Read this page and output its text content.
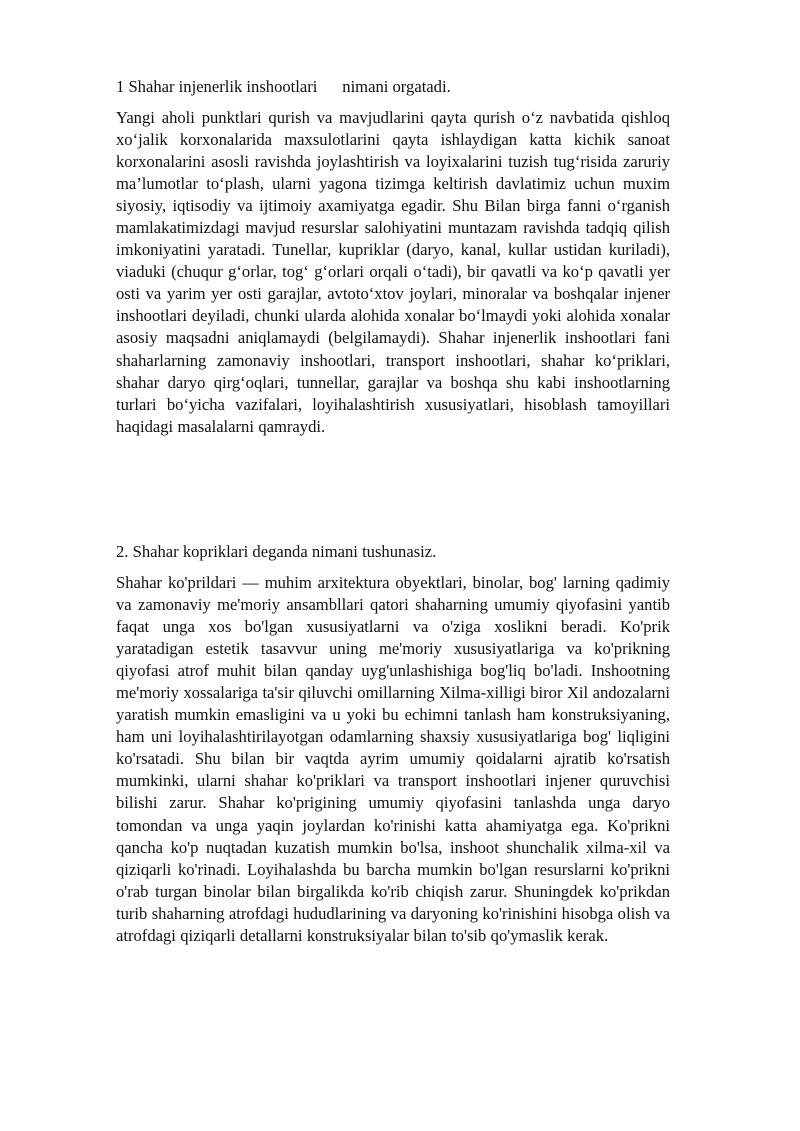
1 Shahar injenerlik inshootlari      nimani orgatadi.

Yangi aholi punktlari qurish va mavjudlarini qayta qurish o‘z navbatida qishloq xo‘jalik korxonalarida maxsulotlarini qayta ishlaydigan katta kichik sanoat korxonalarini asosli ravishda joylashtirish va loyixalarini tuzish tug‘risida zaruriy ma’lumotlar to‘plash, ularni yagona tizimga keltirish davlatimiz uchun muxim siyosiy, iqtisodiy va ijtimoiy axamiyatga egadir. Shu Bilan birga fanni o‘rganish mamlakatimizdagi mavjud resurslar salohiyatini muntazam ravishda tadqiq qilish imkoniyatini yaratadi. Tunellar, kupriklar (daryo, kanal, kullar ustidan kuriladi), viaduki (chuqur g‘orlar, tog‘ g‘orlari orqali o‘tadi), bir qavatli va ko‘p qavatli yer osti va yarim yer osti garajlar, avtoto‘xtov joylari, minoralar va boshqalar injener inshootlari deyiladi, chunki ularda alohida xonalar bo‘lmaydi yoki alohida xonalar asosiy maqsadni aniqlamaydi (belgilamaydi). Shahar injenerlik inshootlari fani shaharlarning zamonaviy inshootlari, transport inshootlari, shahar ko‘priklari, shahar daryo qirg‘oqlari, tunnellar, garajlar va boshqa shu kabi inshootlarning turlari bo‘yicha vazifalari, loyihalashtirish xususiyatlari, hisoblash tamoyillari haqidagi masalalarni qamraydi.

2. Shahar kopriklari deganda nimani tushunasiz.

Shahar ko'prildari — muhim arxitektura obyektlari, binolar, bog' larning qadimiy va zamonaviy me'moriy ansambllari qatori shaharning umumiy qiyofasini yantib faqat unga xos bo'lgan xususiyatlarni va o'ziga xoslikni beradi. Ko'prik yaratadigan estetik tasavvur uning me'moriy xususiyatlariga va ko'prikning qiyofasi atrof muhit bilan qanday uyg'unlashishiga bog'liq bo'ladi. Inshootning me'moriy xossalariga ta'sir qiluvchi omillarning Xilma-xilligi biror Xil andozalarni yaratish mumkin emasligini va u yoki bu echimni tanlash ham konstruksiyaning, ham uni loyihalashtirilayotgan odamlarning shaxsiy xususiyatlariga bog' liqligini ko'rsatadi. Shu bilan bir vaqtda ayrim umumiy qoidalarni ajratib ko'rsatish mumkinki, ularni shahar ko'priklari va transport inshootlari injener quruvchisi bilishi zarur. Shahar ko'prigining umumiy qiyofasini tanlashda unga daryo tomondan va unga yaqin joylardan ko'rinishi katta ahamiyatga ega. Ko'prikni qancha ko'p nuqtadan kuzatish mumkin bo'lsa, inshoot shunchalik xilma-xil va qiziqarli ko'rinadi. Loyihalashda bu barcha mumkin bo'lgan resurslarni ko'prikni o'rab turgan binolar bilan birgalikda ko'rib chiqish zarur. Shuningdek ko'prikdan turib shaharning atrofdagi hududlarining va daryoning ko'rinishini hisobga olish va atrofdagi qiziqarli detallarni konstruksiyalar bilan to'sib qo'ymaslik kerak.
